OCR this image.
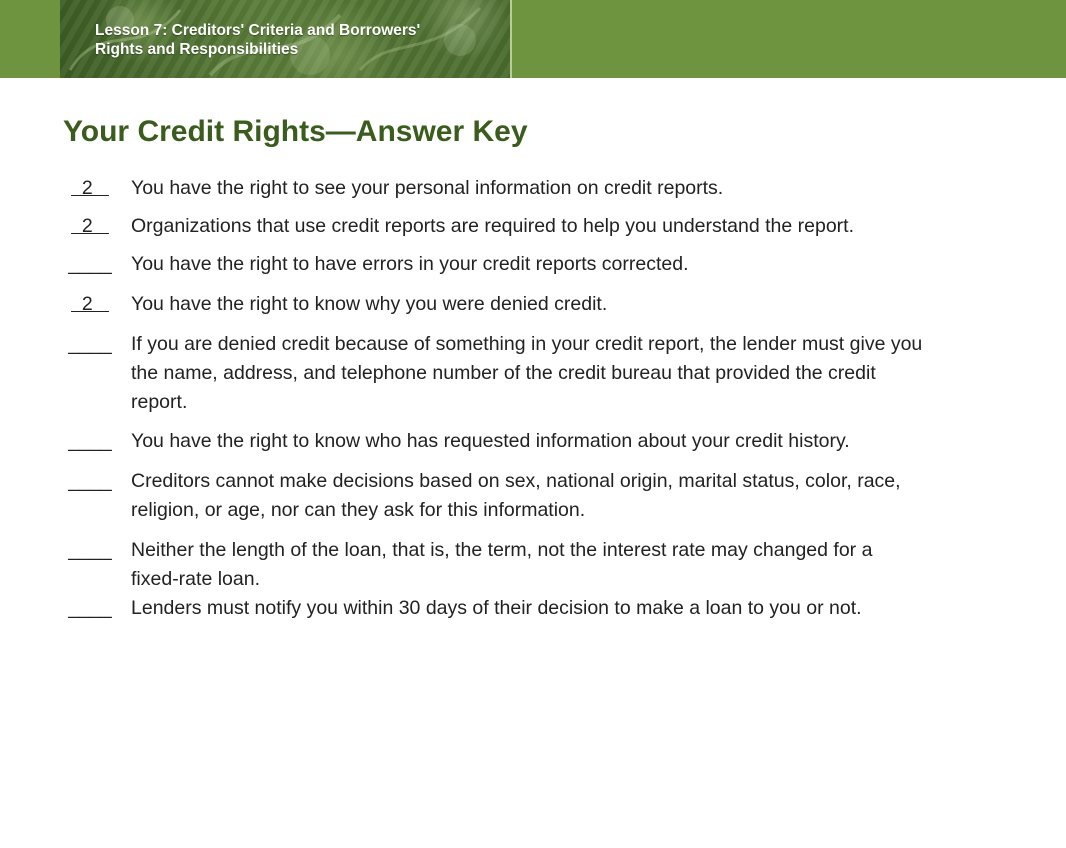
Lesson 7: Creditors' Criteria and Borrowers'
Rights and Responsibilities

Your Credit Rights—Answer Key
2	You have the right to see your personal information on credit reports.
2	Organizations that use credit reports are required to help you understand the report.
____ You have the right to have errors in your credit reports corrected.
2	You have the right to know why you were denied credit.
____ If you are denied credit because of something in your credit report, the lender must give you the name, address, and telephone number of the credit bureau that provided the credit report.
____ You have the right to know who has requested information about your credit history.
____ Creditors cannot make decisions based on sex, national origin, marital status, color, race, religion, or age, nor can they ask for this information.
____ Neither the length of the loan, that is, the term, not the interest rate may changed for a fixed-rate loan.
____ Lenders must notify you within 30 days of their decision to make a loan to you or not.
